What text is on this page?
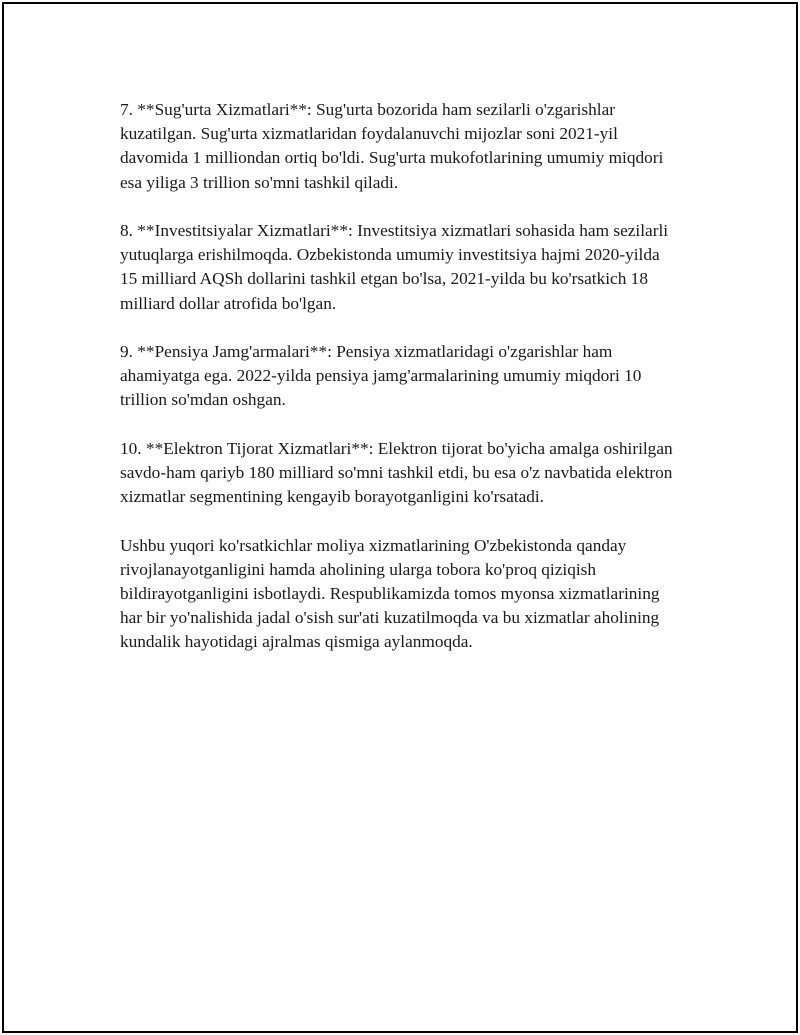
7. **Sug'urta Xizmatlari**: Sug'urta bozorida ham sezilarli o'zgarishlar kuzatilgan. Sug'urta xizmatlaridan foydalanuvchi mijozlar soni 2021-yil davomida 1 milliondan ortiq bo'ldi. Sug'urta mukofotlarining umumiy miqdori esa yiliga 3 trillion so'mni tashkil qiladi.

8. **Investitsiyalar Xizmatlari**: Investitsiya xizmatlari sohasida ham sezilarli yutuqlarga erishilmoqda. Ozbekistonda umumiy investitsiya hajmi 2020-yilda 15 milliard AQSh dollarini tashkil etgan bo'lsa, 2021-yilda bu ko'rsatkich 18 milliard dollar atrofida bo'lgan.

9. **Pensiya Jamg'armalari**: Pensiya xizmatlaridagi o'zgarishlar ham ahamiyatga ega. 2022-yilda pensiya jamg'armalarining umumiy miqdori 10 trillion so'mdan oshgan.

10. **Elektron Tijorat Xizmatlari**: Elektron tijorat bo'yicha amalga oshirilgan savdo-ham qariyb 180 milliard so'mni tashkil etdi, bu esa o'z navbatida elektron xizmatlar segmentining kengayib borayotganligini ko'rsatadi.

Ushbu yuqori ko'rsatkichlar moliya xizmatlarining O'zbekistonda qanday rivojlanayotganligini hamda aholining ularga tobora ko'proq qiziqish bildirayotganligini isbotlaydi. Respublikamizda tomos myonsa xizmatlarining har bir yo'nalishida jadal o'sish sur'ati kuzatilmoqda va bu xizmatlar aholining kundalik hayotidagi ajralmas qismiga aylanmoqda.
